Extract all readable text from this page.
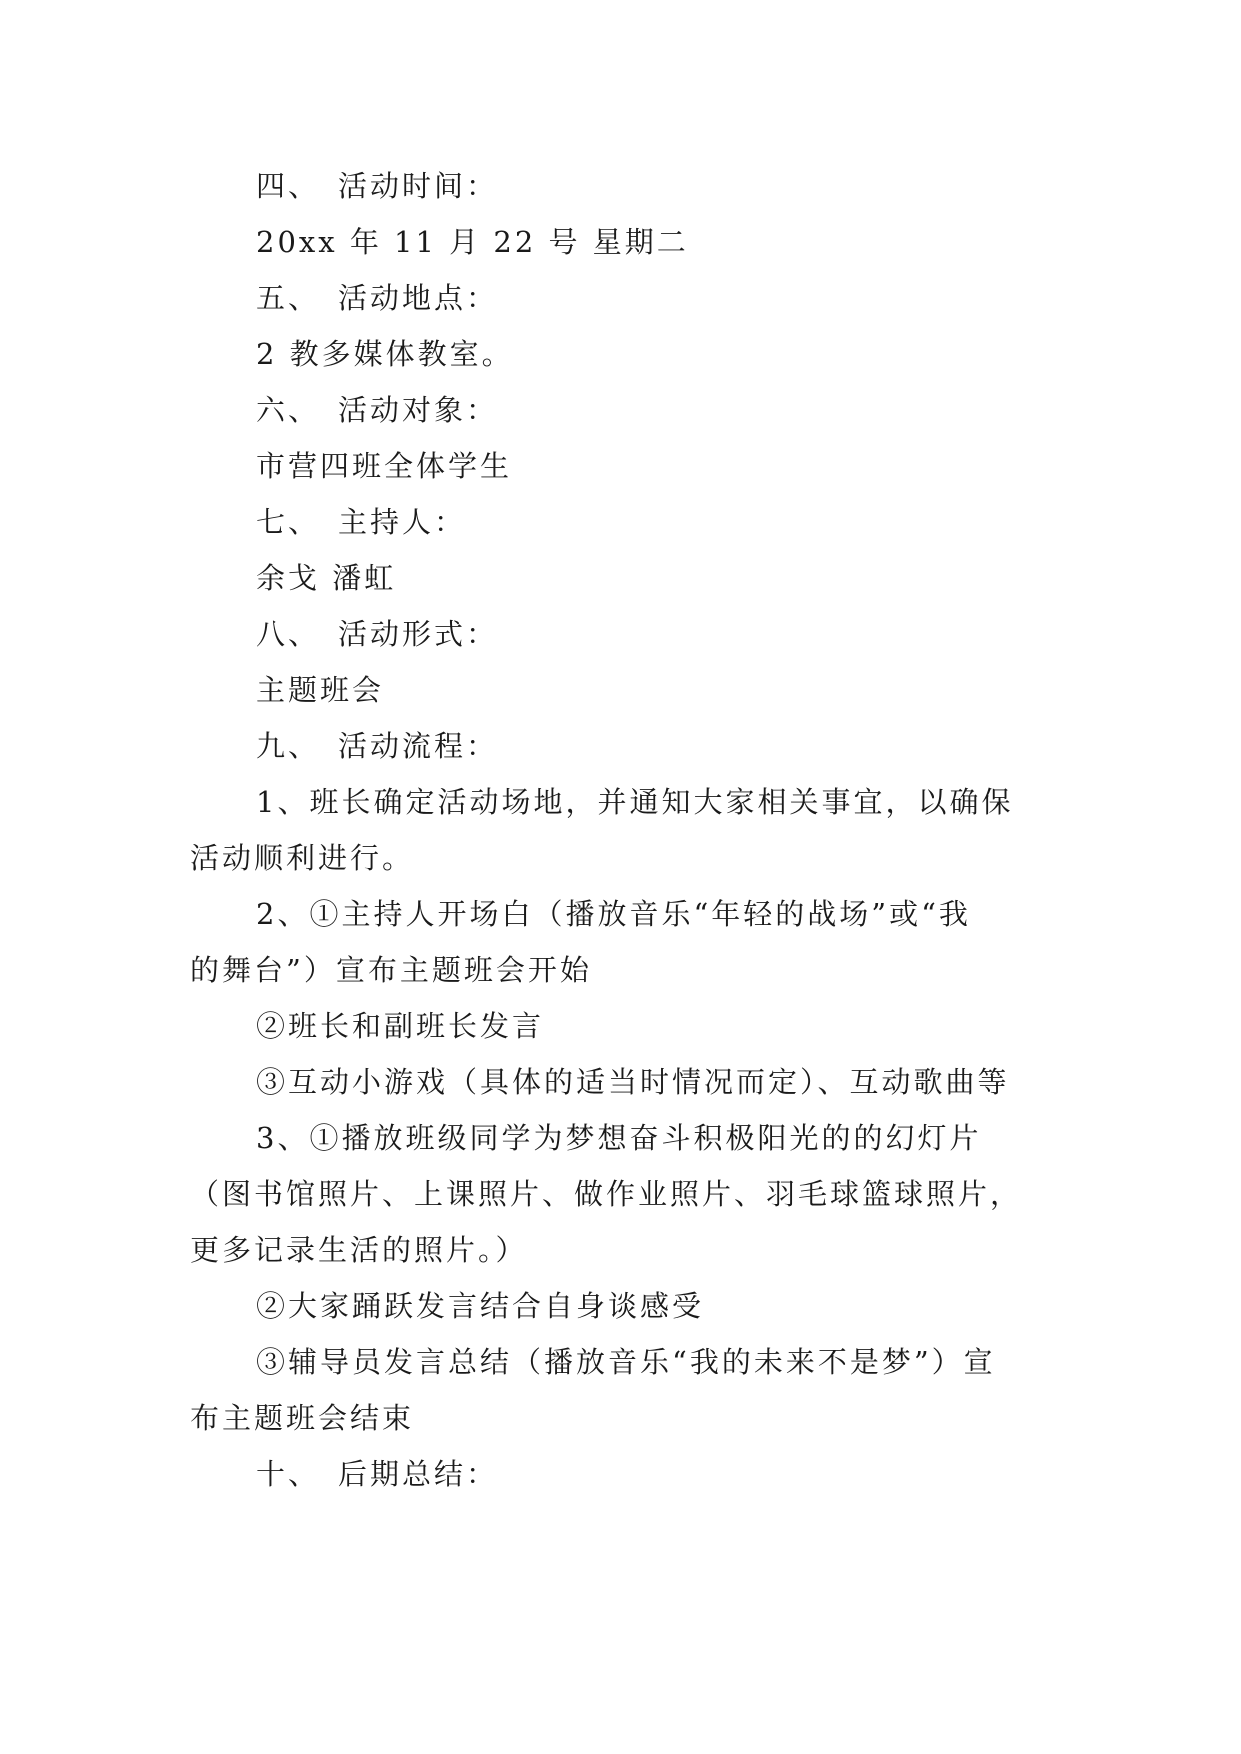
四、 活动时间：
20xx 年 11 月 22 号 星期二
五、 活动地点：
2 教多媒体教室。
六、 活动对象：
市营四班全体学生
七、 主持人：
余戈 潘虹
八、 活动形式：
主题班会
九、 活动流程：
1、班长确定活动场地，并通知大家相关事宜，以确保
活动顺利进行。
2、①主持人开场白（播放音乐“年轻的战场”或“我
的舞台”）宣布主题班会开始
②班长和副班长发言
③互动小游戏（具体的适当时情况而定）、互动歌曲等
3、①播放班级同学为梦想奋斗积极阳光的的幻灯片
（图书馆照片、上课照片、做作业照片、羽毛球篮球照片，
更多记录生活的照片。）
②大家踊跃发言结合自身谈感受
③辅导员发言总结（播放音乐“我的未来不是梦”）宣
布主题班会结束
十、 后期总结：
